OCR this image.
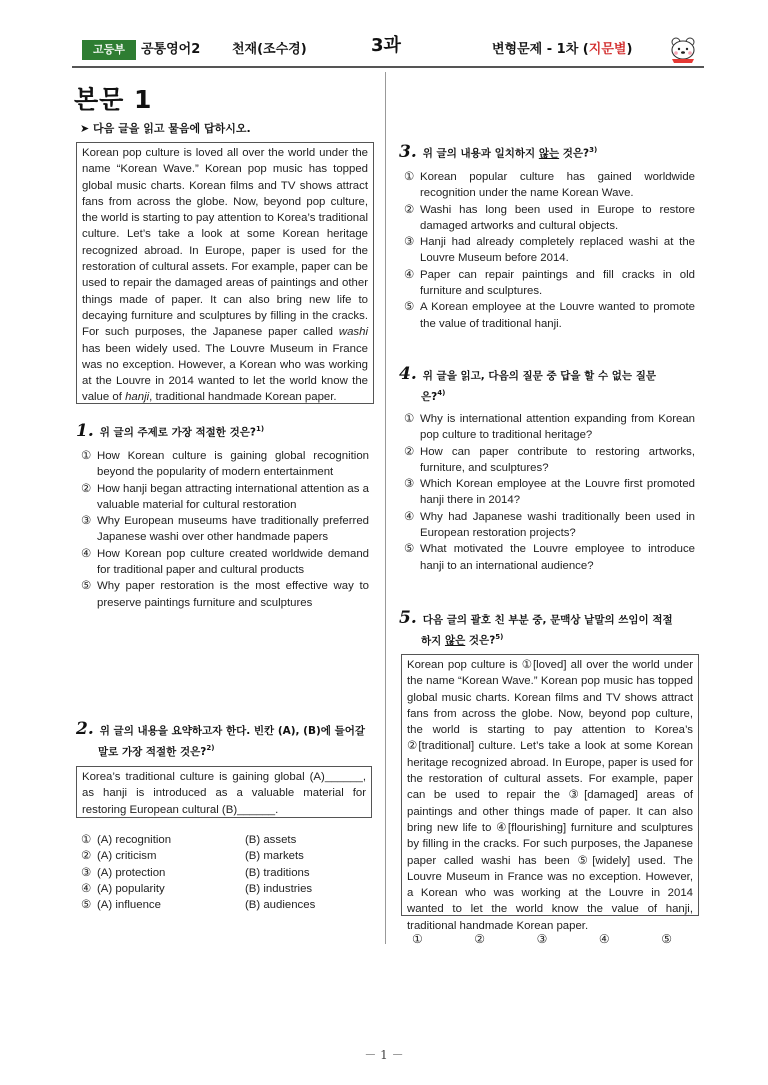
고등부	공통영어2 천재(조수경)	3과	변형문제 - 1차 (지문별)
본문 1
➤ 다음 글을 읽고 물음에 답하시오.
Korean pop culture is loved all over the world under the name “Korean Wave.” Korean pop music has topped global music charts. Korean films and TV shows attract fans from across the globe. Now, beyond pop culture, the world is starting to pay attention to Korea’s traditional culture. Let’s take a look at some Korean heritage recognized abroad. In Europe, paper is used for the restoration of cultural assets. For example, paper can be used to repair the damaged areas of paintings and other things made of paper. It can also bring new life to decaying furniture and sculptures by filling in the cracks. For such purposes, the Japanese paper called washi has been widely used. The Louvre Museum in France was no exception. However, a Korean who was working at the Louvre in 2014 wanted to let the world know the value of hanji, traditional handmade Korean paper.
1. 위 글의 주제로 가장 적절한 것은?$^{1)}$
① How Korean culture is gaining global recognition beyond the popularity of modern entertainment
② How hanji began attracting international attention as a valuable material for cultural restoration
③ Why European museums have traditionally preferred Japanese washi over other handmade papers
④ How Korean pop culture created worldwide demand for traditional paper and cultural products
⑤ Why paper restoration is the most effective way to preserve paintings furniture and sculptures
2. 위 글의 내용을 요약하고자 한다. 빈칸 (A), (B)에 들어갈
말로 가장 적절한 것은?$^{2)}$
Korea’s traditional culture is gaining global (A)______, as hanji is introduced as a valuable material for restoring European cultural (B)______.
① (A) recognition	(B) assets
② (A) criticism	(B) markets
③ (A) protection	(B) traditions
④ (A) popularity	(B) industries
⑤ (A) influence	(B) audiences
3. 위 글의 내용과 일치하지 않는 것은?$^{3)}$
① Korean popular culture has gained worldwide recognition under the name Korean Wave.
② Washi has long been used in Europe to restore damaged artworks and cultural objects.
③ Hanji had already completely replaced washi at the Louvre Museum before 2014.
④ Paper can repair paintings and fill cracks in old furniture and sculptures.
⑤ A Korean employee at the Louvre wanted to promote the value of traditional hanji.
4. 위 글을 읽고, 다음의 질문 중 답을 할 수 없는 질문
은?$^{4)}$
① Why is international attention expanding from Korean pop culture to traditional heritage?
② How can paper contribute to restoring artworks, furniture, and sculptures?
③ Which Korean employee at the Louvre first promoted hanji there in 2014?
④ Why had Japanese washi traditionally been used in European restoration projects?
⑤ What motivated the Louvre employee to introduce hanji to an international audience?
5. 다음 글의 괄호 친 부분 중, 문맥상 낱말의 쓰임이 적절
하지 않은 것은?$^{5)}$
Korean pop culture is ①[loved] all over the world under the name “Korean Wave.” Korean pop music has topped global music charts. Korean films and TV shows attract fans from across the globe. Now, beyond pop culture, the world is starting to pay attention to Korea’s ②[traditional] culture. Let’s take a look at some Korean heritage recognized abroad. In Europe, paper is used for the restoration of cultural assets. For example, paper can be used to repair the ③[damaged] areas of paintings and other things made of paper. It can also bring new life to ④[flourishing] furniture and sculptures by filling in the cracks. For such purposes, the Japanese paper called washi has been ⑤[widely] used. The Louvre Museum in France was no exception. However, a Korean who was working at the Louvre in 2014 wanted to let the world know the value of hanji, traditional handmade Korean paper.
①	②	③	④	⑤
－ 1 －
